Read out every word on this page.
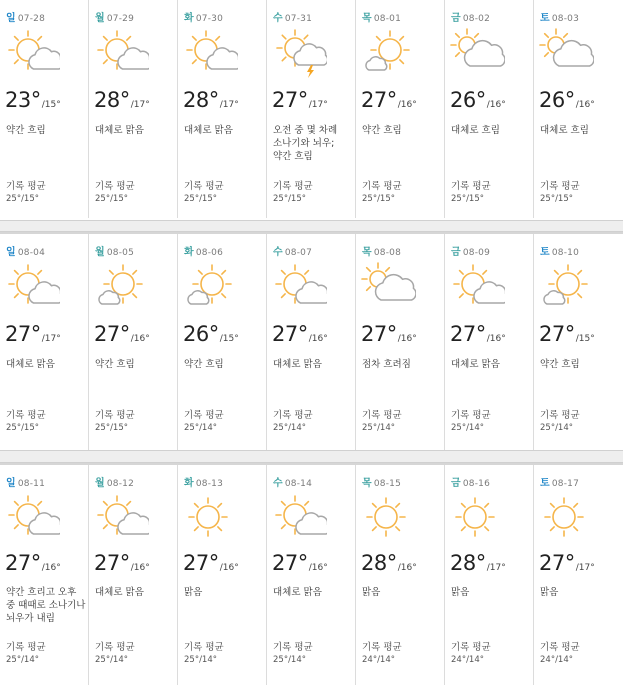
일 07-28
23°/15°
약간 흐림
기록 평균
25°/15°
월 07-29
28°/17°
대체로 맑음
기록 평균
25°/15°
화 07-30
28°/17°
대체로 맑음
기록 평균
25°/15°
수 07-31
27°/17°
오전 중 몇 차례 소나기와 뇌우; 약간 흐림
기록 평균
25°/15°
목 08-01
27°/16°
약간 흐림
기록 평균
25°/15°
금 08-02
26°/16°
대체로 흐림
기록 평균
25°/15°
토 08-03
26°/16°
대체로 흐림
기록 평균
25°/15°
일 08-04
27°/17°
대체로 맑음
기록 평균
25°/15°
월 08-05
27°/16°
약간 흐림
기록 평균
25°/15°
화 08-06
26°/15°
약간 흐림
기록 평균
25°/14°
수 08-07
27°/16°
대체로 맑음
기록 평균
25°/14°
목 08-08
27°/16°
점차 흐려짐
기록 평균
25°/14°
금 08-09
27°/16°
대체로 맑음
기록 평균
25°/14°
토 08-10
27°/15°
약간 흐림
기록 평균
25°/14°
일 08-11
27°/16°
약간 흐리고 오후 중 때때로 소나기나 뇌우가 내림
기록 평균
25°/14°
월 08-12
27°/16°
대체로 맑음
기록 평균
25°/14°
화 08-13
27°/16°
맑음
기록 평균
25°/14°
수 08-14
27°/16°
대체로 맑음
기록 평균
25°/14°
목 08-15
28°/16°
맑음
기록 평균
24°/14°
금 08-16
28°/17°
맑음
기록 평균
24°/14°
토 08-17
27°/17°
맑음
기록 평균
24°/14°
